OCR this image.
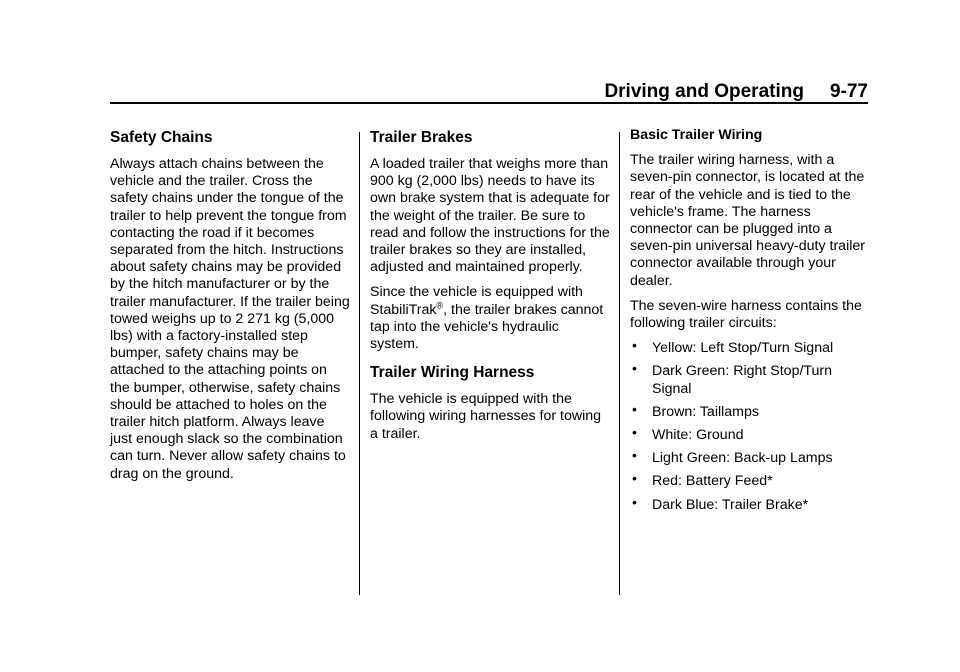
Driving and Operating 9-77
Safety Chains

Always attach chains between the vehicle and the trailer. Cross the safety chains under the tongue of the trailer to help prevent the tongue from contacting the road if it becomes separated from the hitch. Instructions about safety chains may be provided by the hitch manufacturer or by the trailer manufacturer. If the trailer being towed weighs up to 2 271 kg (5,000 lbs) with a factory-installed step bumper, safety chains may be attached to the attaching points on the bumper, otherwise, safety chains should be attached to holes on the trailer hitch platform. Always leave just enough slack so the combination can turn. Never allow safety chains to drag on the ground.

Trailer Brakes

A loaded trailer that weighs more than 900 kg (2,000 lbs) needs to have its own brake system that is adequate for the weight of the trailer. Be sure to read and follow the instructions for the trailer brakes so they are installed, adjusted and maintained properly.

Since the vehicle is equipped with StabiliTrak®, the trailer brakes cannot tap into the vehicle's hydraulic system.

Trailer Wiring Harness

The vehicle is equipped with the following wiring harnesses for towing a trailer.

Basic Trailer Wiring

The trailer wiring harness, with a seven-pin connector, is located at the rear of the vehicle and is tied to the vehicle's frame. The harness connector can be plugged into a seven-pin universal heavy-duty trailer connector available through your dealer.

The seven-wire harness contains the following trailer circuits:

• Yellow: Left Stop/Turn Signal
• Dark Green: Right Stop/Turn Signal
• Brown: Taillamps
• White: Ground
• Light Green: Back-up Lamps
• Red: Battery Feed*
• Dark Blue: Trailer Brake*
